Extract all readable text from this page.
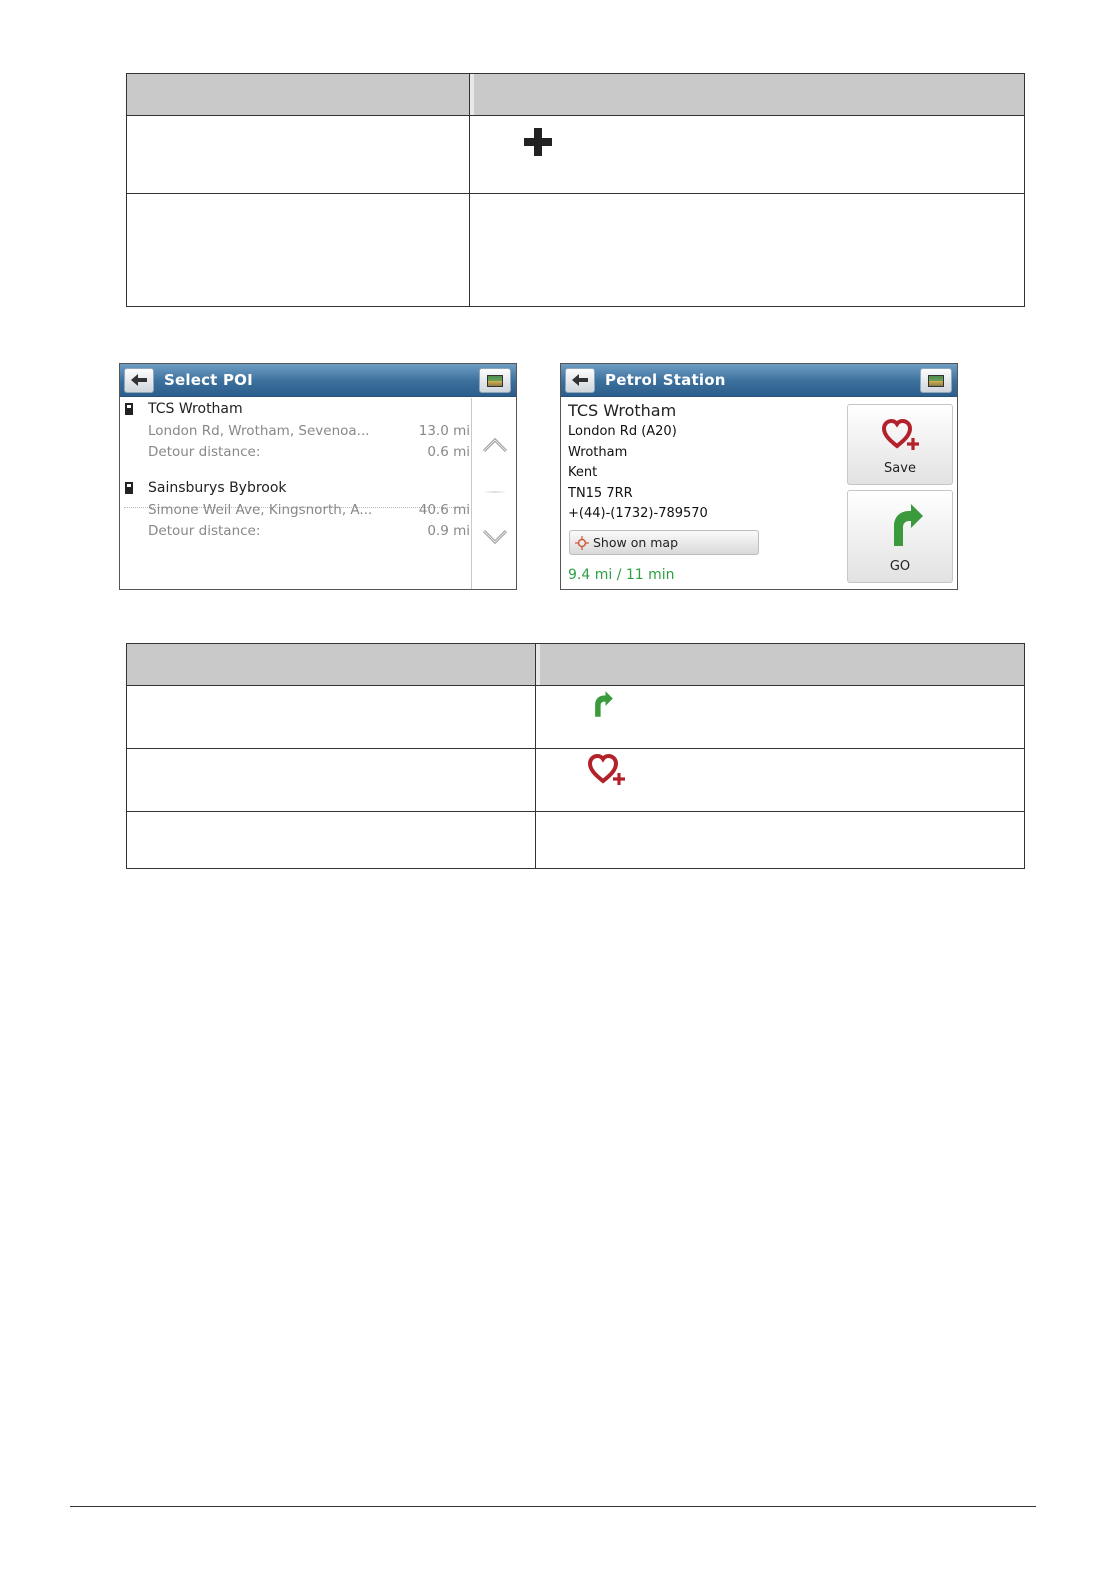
Select POI
TCS Wrotham
London Rd, Wrotham, Sevenoa...	13.0 mi
Detour distance:	0.6 mi
Sainsburys Bybrook
Simone Weil Ave, Kingsnorth, A...	40.6 mi
Detour distance:	0.9 mi
Petrol Station
TCS Wrotham
London Rd (A20)
Wrotham
Kent
TN15 7RR
+(44)-(1732)-789570
Show on map
9.4 mi / 11 min
Save
GO
